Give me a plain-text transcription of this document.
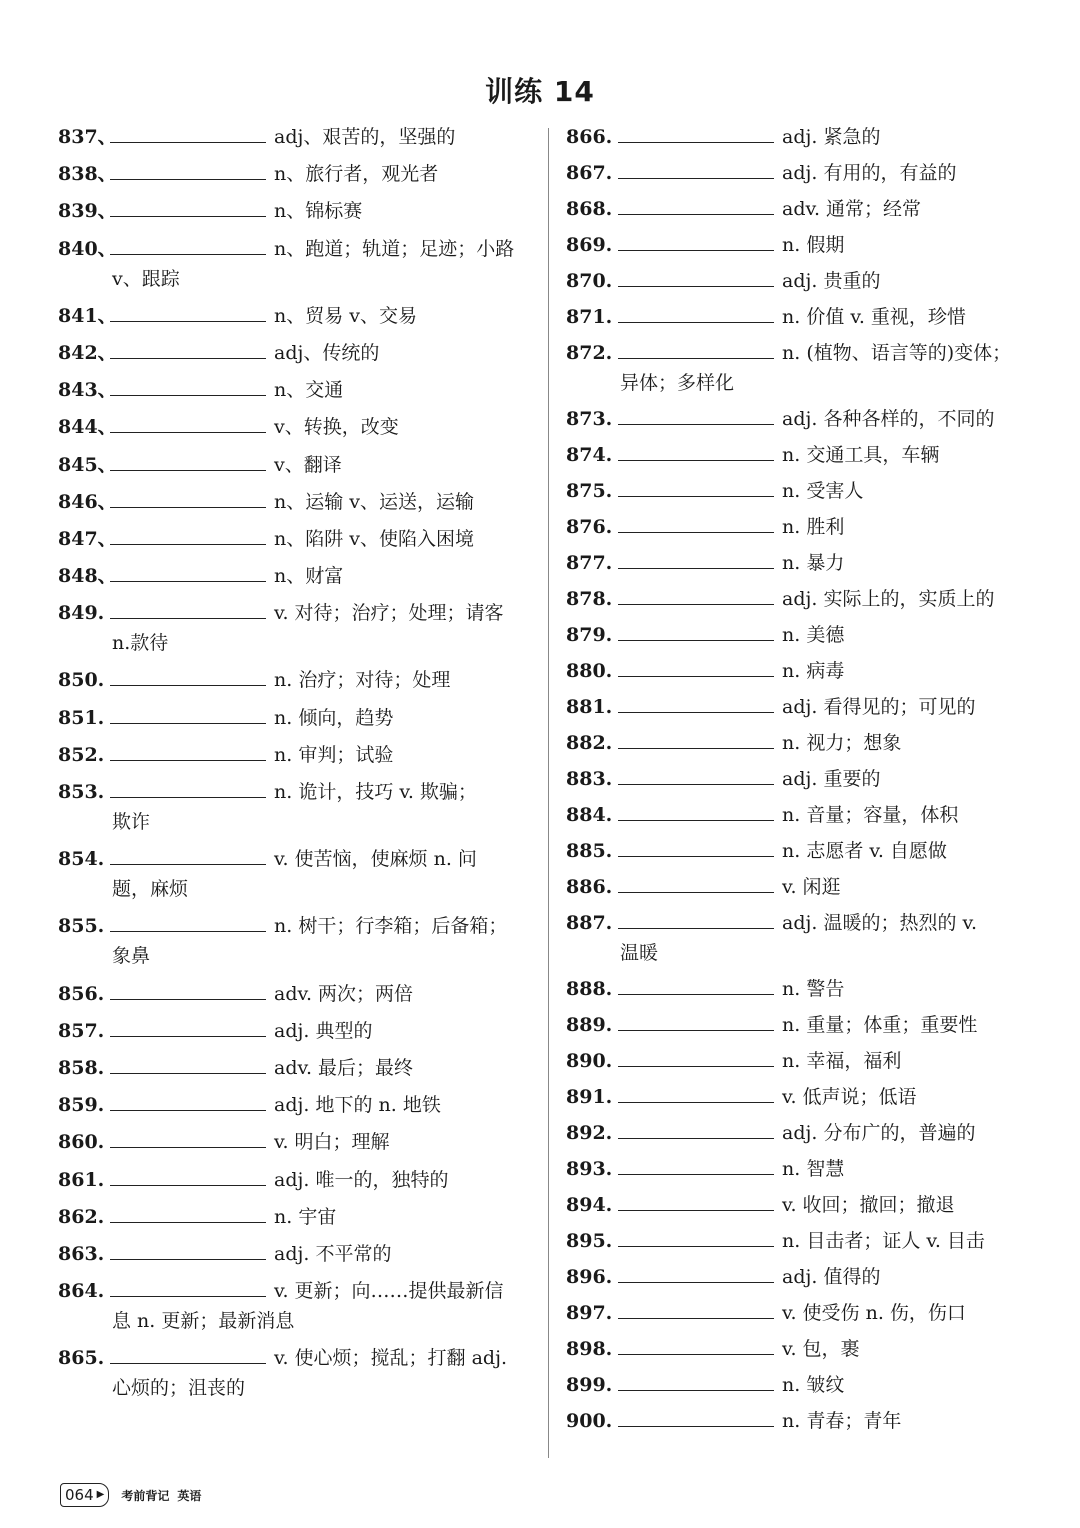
训练 14
837、	adj、艰苦的，坚强的
838、	n、旅行者，观光者
839、	n、锦标赛
840、	n、跑道；轨道；足迹；小路
v、跟踪
841、	n、贸易 v、交易
842、	adj、传统的
843、	n、交通
844、	v、转换，改变
845、	v、翻译
846、	n、运输 v、运送，运输
847、	n、陷阱 v、使陷入困境
848、	n、财富
849.	v. 对待；治疗；处理；请客
n.款待
850.	n. 治疗；对待；处理
851.	n. 倾向，趋势
852.	n. 审判；试验
853.	n. 诡计，技巧 v. 欺骗；
欺诈
854.	v. 使苦恼，使麻烦 n. 问
题，麻烦
855.	n. 树干；行李箱；后备箱；
象鼻
856.	adv. 两次；两倍
857.	adj. 典型的
858.	adv. 最后；最终
859.	adj. 地下的 n. 地铁
860.	v. 明白；理解
861.	adj. 唯一的，独特的
862.	n. 宇宙
863.	adj. 不平常的
864.	v. 更新；向……提供最新信
息 n. 更新；最新消息
865.	v. 使心烦；搅乱；打翻 adj.
心烦的；沮丧的
866.	adj. 紧急的
867.	adj. 有用的，有益的
868.	adv. 通常；经常
869.	n. 假期
870.	adj. 贵重的
871.	n. 价值 v. 重视，珍惜
872.	n. (植物、语言等的)变体；
异体；多样化
873.	adj. 各种各样的，不同的
874.	n. 交通工具，车辆
875.	n. 受害人
876.	n. 胜利
877.	n. 暴力
878.	adj. 实际上的，实质上的
879.	n. 美德
880.	n. 病毒
881.	adj. 看得见的；可见的
882.	n. 视力；想象
883.	adj. 重要的
884.	n. 音量；容量，体积
885.	n. 志愿者 v. 自愿做
886.	v. 闲逛
887.	adj. 温暖的；热烈的 v.
温暖
888.	n. 警告
889.	n. 重量；体重；重要性
890.	n. 幸福，福利
891.	v. 低声说；低语
892.	adj. 分布广的，普遍的
893.	n. 智慧
894.	v. 收回；撤回；撤退
895.	n. 目击者；证人 v. 目击
896.	adj. 值得的
897.	v. 使受伤 n. 伤，伤口
898.	v. 包，裹
899.	n. 皱纹
900.	n. 青春；青年
064 ▶ 考前背记 英语
